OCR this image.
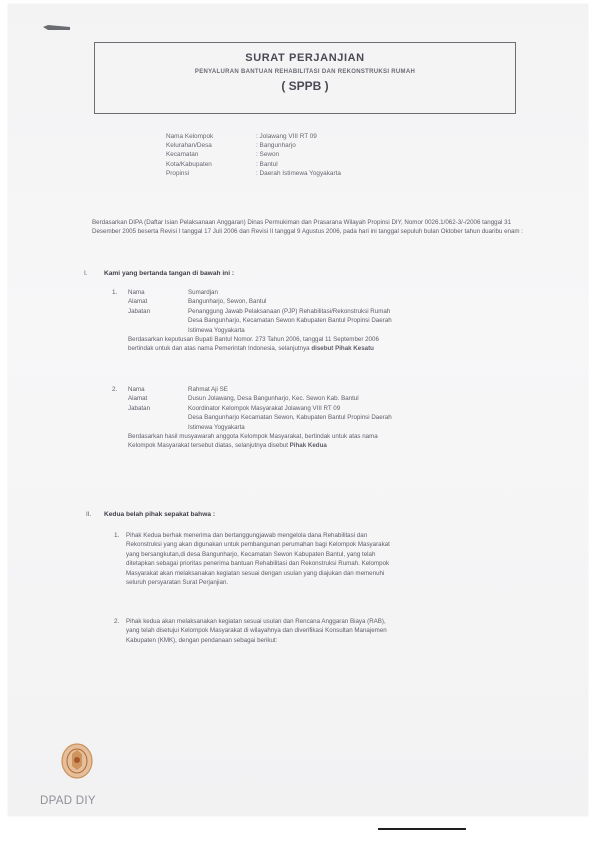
SURAT PERJANJIAN
PENYALURAN BANTUAN REHABILITASI DAN REKONSTRUKSI RUMAH
( SPPB )
Nama Kelompok	: Jolawang VIII RT 09
Kelurahan/Desa	: Bangunharjo
Kecamatan	: Sewon
Kota/Kabupaten	: Bantul
Propinsi	: Daerah Istimewa Yogyakarta
Berdasarkan DIPA (Daftar Isian Pelaksanaan Anggaran) Dinas Permukiman dan Prasarana Wilayah Propinsi DIY, Nomor 0026.1/062-3/-/2006 tanggal 31 Desember 2005 beserta Revisi I tanggal 17 Juli 2006 dan Revisi II tanggal 9 Agustus 2006, pada hari ini tanggal sepuluh bulan Oktober tahun duaribu enam :
I. Kami yang bertanda tangan di bawah ini :
1. Nama	Sumardjan
Alamat	Bangunharjo, Sewon, Bantul
Jabatan	Penanggung Jawab Pelaksanaan (PJP) Rehabilitasi/Rekonstruksi Rumah
Desa Bangunharjo, Kecamatan Sewon Kabupaten Bantul Propinsi Daerah
Istimewa Yogyakarta
Berdasarkan keputusan Bupati Bantul Nomor. 273 Tahun 2006, tanggal 11 September 2006
bertindak untuk dan atas nama Pemerintah Indonesia, selanjutnya disebut Pihak Kesatu
2. Nama	Rahmat Aji SE
Alamat	Dusun Jolawang, Desa Bangunharjo, Kec. Sewon Kab. Bantul
Jabatan	Koordinator Kelompok Masyarakat Jolawang VIII RT 09
Desa Bangunharjo Kecamatan Sewon, Kabupaten Bantul Propinsi Daerah
Istimewa Yogyakarta
Berdasarkan hasil musyawarah anggota Kelompok Masyarakat, bertindak untuk atas nama
Kelompok Masyarakat tersebut diatas, selanjutnya disebut Pihak Kedua
II. Kedua belah pihak sepakat bahwa :
1. Pihak Kedua berhak menerima dan bertanggungjawab mengelola dana Rehabilitasi dan
Rekonstruksi yang akan digunakan untuk pembangunan perumahan bagi Kelompok Masyarakat
yang bersangkutan,di desa Bangunharjo, Kecamatan Sewon Kabupaten Bantul, yang telah
ditetapkan sebagai prioritas penerima bantuan Rehabilitasi dan Rekonstruksi Rumah. Kelompok
Masyarakat akan melaksanakan kegiatan sesuai dengan usulan yang diajukan dan memenuhi
seluruh persyaratan Surat Perjanjian.
2. Pihak kedua akan melaksanakan kegiatan sesuai usulan dan Rencana Anggaran Biaya (RAB),
yang telah disetujui Kelompok Masyarakat di wilayahnya dan diverifikasi Konsultan Manajemen
Kabupaten (KMK), dengan pendanaan sebagai berikut:
DPAD DIY
